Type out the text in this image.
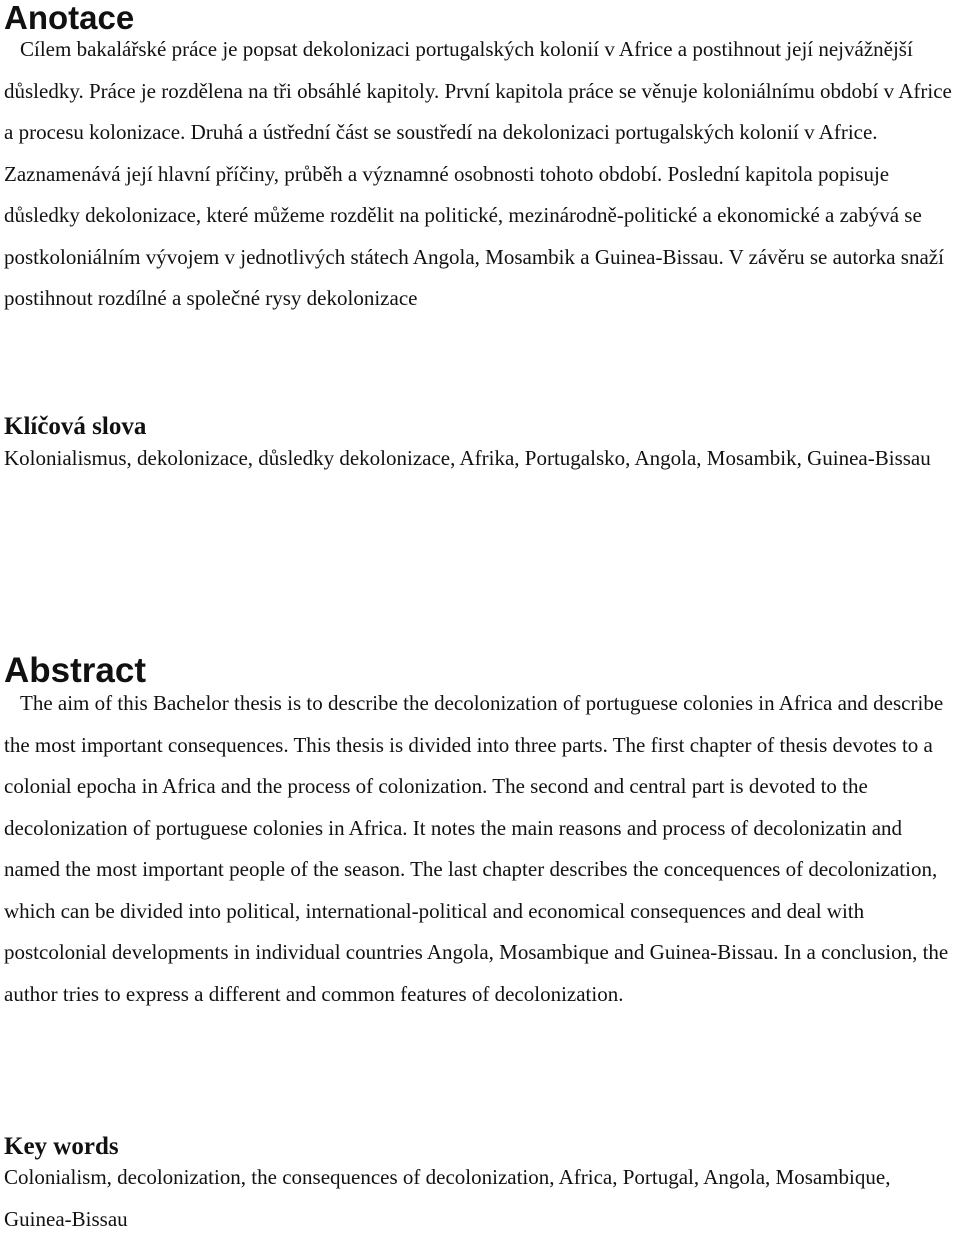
Anotace

Cílem bakalářské práce je popsat dekolonizaci portugalských kolonií v Africe a postihnout její nejvážnější důsledky. Práce je rozdělena na tři obsáhlé kapitoly. První kapitola práce se věnuje koloniálnímu období v Africe a procesu kolonizace. Druhá a ústřední část se soustředí na dekolonizaci portugalských kolonií v Africe. Zaznamenává její hlavní příčiny, průběh a významné osobnosti tohoto období. Poslední kapitola popisuje důsledky dekolonizace, které můžeme rozdělit na politické, mezinárodně-politické a ekonomické a zabývá se postkoloniálním vývojem v jednotlivých státech Angola, Mosambik a Guinea-Bissau. V závěru se autorka snaží postihnout rozdílné a společné rysy dekolonizace

Klíčová slova

Kolonialismus, dekolonizace, důsledky dekolonizace, Afrika, Portugalsko, Angola, Mosambik, Guinea-Bissau

Abstract

The aim of this Bachelor thesis is to describe the decolonization of portuguese colonies in Africa and describe the most important consequences. This thesis is divided into three parts. The first chapter of thesis devotes to a colonial epocha in Africa and the process of colonization. The second and central part is devoted to the decolonization of portuguese colonies in Africa. It notes the main reasons and process of decolonizatin and named the most important people of the season. The last chapter describes the concequences of decolonization, which can be divided into political, international-political and economical consequences and deal with postcolonial developments in individual countries Angola, Mosambique and Guinea-Bissau. In a conclusion, the author tries to express a different and common features of decolonization.

Key words

Colonialism, decolonization, the consequences of decolonization, Africa, Portugal, Angola, Mosambique, Guinea-Bissau
